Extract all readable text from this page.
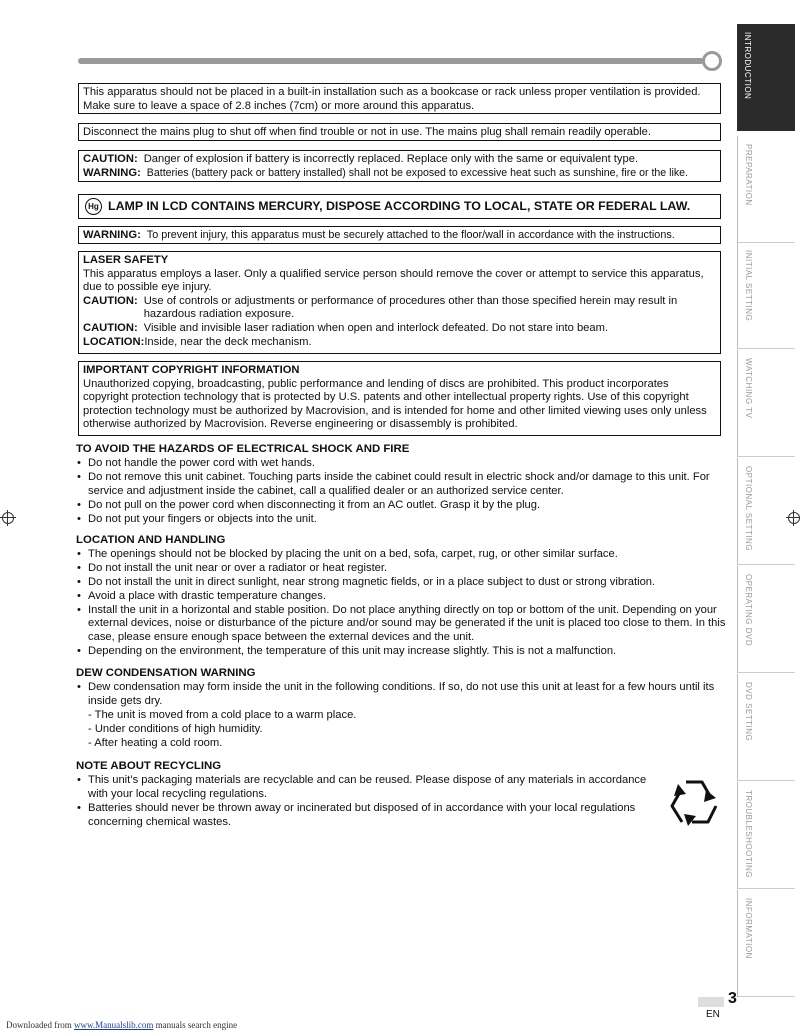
This apparatus should not be placed in a built-in installation such as a bookcase or rack unless proper ventilation is provided. Make sure to leave a space of 2.8 inches (7cm) or more around this apparatus.
Disconnect the mains plug to shut off when find trouble or not in use. The mains plug shall remain readily operable.
CAUTION: Danger of explosion if battery is incorrectly replaced. Replace only with the same or equivalent type.
WARNING: Batteries (battery pack or battery installed) shall not be exposed to excessive heat such as sunshine, fire or the like.
Hg LAMP IN LCD CONTAINS MERCURY, DISPOSE ACCORDING TO LOCAL, STATE OR FEDERAL LAW.
WARNING: To prevent injury, this apparatus must be securely attached to the floor/wall in accordance with the instructions.
LASER SAFETY
This apparatus employs a laser. Only a qualified service person should remove the cover or attempt to service this apparatus, due to possible eye injury.
CAUTION: Use of controls or adjustments or performance of procedures other than those specified herein may result in hazardous radiation exposure.
CAUTION: Visible and invisible laser radiation when open and interlock defeated. Do not stare into beam.
LOCATION: Inside, near the deck mechanism.
IMPORTANT COPYRIGHT INFORMATION
Unauthorized copying, broadcasting, public performance and lending of discs are prohibited. This product incorporates copyright protection technology that is protected by U.S. patents and other intellectual property rights. Use of this copyright protection technology must be authorized by Macrovision, and is intended for home and other limited viewing uses only unless otherwise authorized by Macrovision. Reverse engineering or disassembly is prohibited.
TO AVOID THE HAZARDS OF ELECTRICAL SHOCK AND FIRE
• Do not handle the power cord with wet hands.
• Do not remove this unit cabinet. Touching parts inside the cabinet could result in electric shock and/or damage to this unit. For service and adjustment inside the cabinet, call a qualified dealer or an authorized service center.
• Do not pull on the power cord when disconnecting it from an AC outlet. Grasp it by the plug.
• Do not put your fingers or objects into the unit.
LOCATION AND HANDLING
• The openings should not be blocked by placing the unit on a bed, sofa, carpet, rug, or other similar surface.
• Do not install the unit near or over a radiator or heat register.
• Do not install the unit in direct sunlight, near strong magnetic fields, or in a place subject to dust or strong vibration.
• Avoid a place with drastic temperature changes.
• Install the unit in a horizontal and stable position. Do not place anything directly on top or bottom of the unit. Depending on your external devices, noise or disturbance of the picture and/or sound may be generated if the unit is placed too close to them. In this case, please ensure enough space between the external devices and the unit.
• Depending on the environment, the temperature of this unit may increase slightly. This is not a malfunction.
DEW CONDENSATION WARNING
• Dew condensation may form inside the unit in the following conditions. If so, do not use this unit at least for a few hours until its inside gets dry.
- The unit is moved from a cold place to a warm place.
- Under conditions of high humidity.
- After heating a cold room.
NOTE ABOUT RECYCLING
• This unit’s packaging materials are recyclable and can be reused. Please dispose of any materials in accordance with your local recycling regulations.
• Batteries should never be thrown away or incinerated but disposed of in accordance with your local regulations concerning chemical wastes.
INTRODUCTION
PREPARATION
INITIAL SETTING
WATCHING TV
OPTIONAL SETTING
OPERATING DVD
DVD SETTING
TROUBLESHOOTING
INFORMATION
3
EN
Downloaded from www.Manualslib.com manuals search engine
